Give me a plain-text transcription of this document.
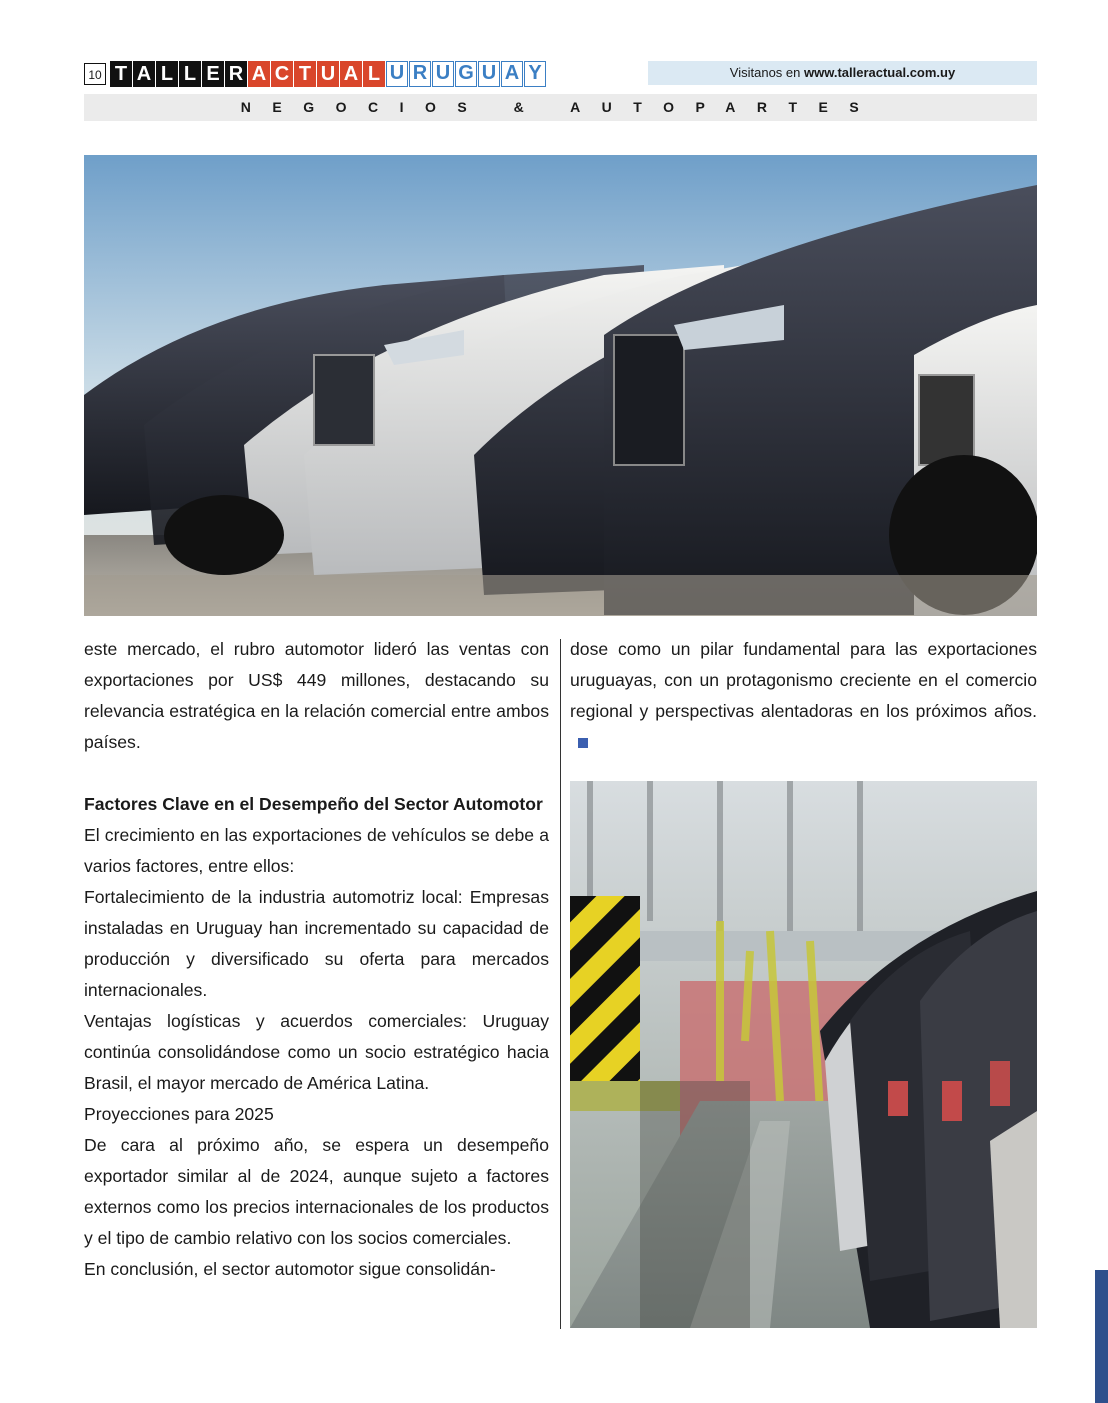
10 T A L L E R A C T U A L U R U G U A Y	Visitanos en www.talleractual.com.uy
NEGOCIOS & AUTOPARTES

este mercado, el rubro automotor lideró las ventas con exportaciones por US$ 449 millones, destacando su relevancia estratégica en la relación comercial entre ambos países.

Factores Clave en el Desempeño del Sector Automotor

El crecimiento en las exportaciones de vehículos se debe a varios factores, entre ellos:

Fortalecimiento de la industria automotriz local: Empresas instaladas en Uruguay han incrementado su capacidad de producción y diversificado su oferta para mercados internacionales.

Ventajas logísticas y acuerdos comerciales: Uruguay continúa consolidándose como un socio estratégico hacia Brasil, el mayor mercado de América Latina.

Proyecciones para 2025

De cara al próximo año, se espera un desempeño exportador similar al de 2024, aunque sujeto a factores externos como los precios internacionales de los productos y el tipo de cambio relativo con los socios comerciales.

En conclusión, el sector automotor sigue consolidán-

dose como un pilar fundamental para las exportaciones uruguayas, con un protagonismo creciente en el comercio regional y perspectivas alentadoras en los próximos años.
